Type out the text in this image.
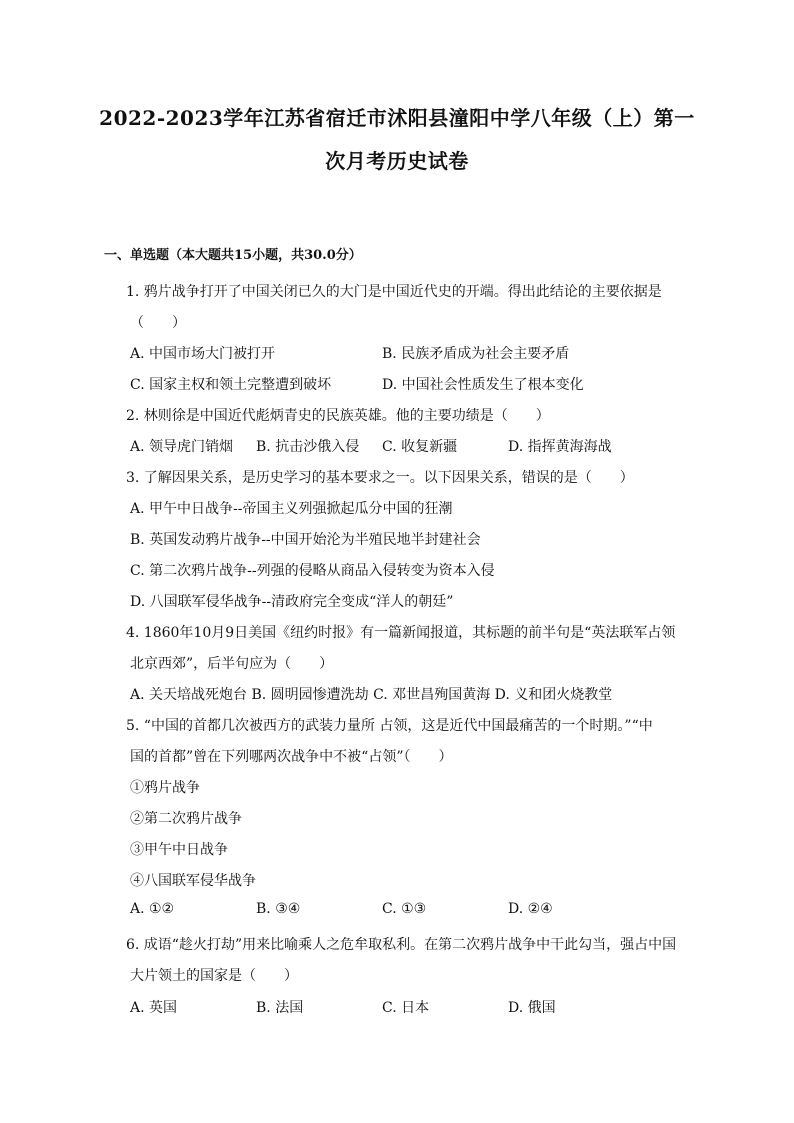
2022-2023学年江苏省宿迁市沭阳县潼阳中学八年级（上）第一
次月考历史试卷
一、单选题（本大题共15小题，共30.0分）
1. 鸦片战争打开了中国关闭已久的大门是中国近代史的开端。得出此结论的主要依据是
（　　）
A. 中国市场大门被打开	B. 民族矛盾成为社会主要矛盾
C. 国家主权和领土完整遭到破坏	D. 中国社会性质发生了根本变化
2. 林则徐是中国近代彪炳青史的民族英雄。他的主要功绩是（　　）
A. 领导虎门销烟 B. 抗击沙俄入侵 C. 收复新疆	D. 指挥黄海海战
3. 了解因果关系，是历史学习的基本要求之一。以下因果关系，错误的是（　　）
A. 甲午中日战争--帝国主义列强掀起瓜分中国的狂潮
B. 英国发动鸦片战争--中国开始沦为半殖民地半封建社会
C. 第二次鸦片战争--列强的侵略从商品入侵转变为资本入侵
D. 八国联军侵华战争--清政府完全变成“洋人的朝廷”
4. 1860年10月9日美国《纽约时报》有一篇新闻报道，其标题的前半句是“英法联军占领
北京西郊”，后半句应为（　　）
A. 关天培战死炮台 B. 圆明园惨遭洗劫 C. 邓世昌殉国黄海 D. 义和团火烧教堂
5. “中国的首都几次被西方的武装力量所 占领，这是近代中国最痛苦的一个时期。”“中
国的首都”曾在下列哪两次战争中不被“占领”（　　）
①鸦片战争
②第二次鸦片战争
③甲午中日战争
④八国联军侵华战争
A. ①②	B. ③④	C. ①③	D. ②④
6. 成语“趁火打劫”用来比喻乘人之危牟取私利。在第二次鸦片战争中干此勾当，强占中国
大片领土的国家是（　　）
A. 英国	B. 法国	C. 日本	D. 俄国
